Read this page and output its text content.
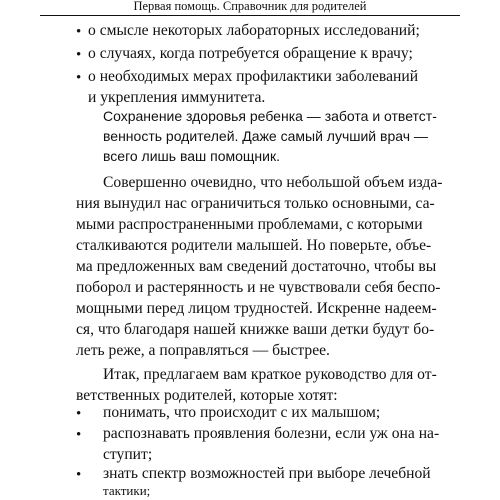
Первая помощь. Справочник для родителей
• о смысле некоторых лабораторных исследований;
• о случаях, когда потребуется обращение к врачу;
• о необходимых мерах профилактики заболеваний
и укрепления иммунитета.
Сохранение здоровья ребенка — забота и ответст-
венность родителей. Даже самый лучший врач —
всего лишь ваш помощник.
Совершенно очевидно, что небольшой объем изда-
ния вынудил нас ограничиться только основными, са-
мыми распространенными проблемами, с которыми
сталкиваются родители малышей. Но поверьте, объе-
ма предложенных вам сведений достаточно, чтобы вы
поборол и растерянность и не чувствовали себя беспо-
мощными перед лицом трудностей. Искренне надеем-
ся, что благодаря нашей книжке ваши детки будут бо-
леть реже, а поправляться — быстрее.
Итак, предлагаем вам краткое руководство для от-
ветственных родителей, которые хотят:
• понимать, что происходит с их малышом;
• распознавать проявления болезни, если уж она на-
ступит;
• знать спектр возможностей при выборе лечебной
тактики;
